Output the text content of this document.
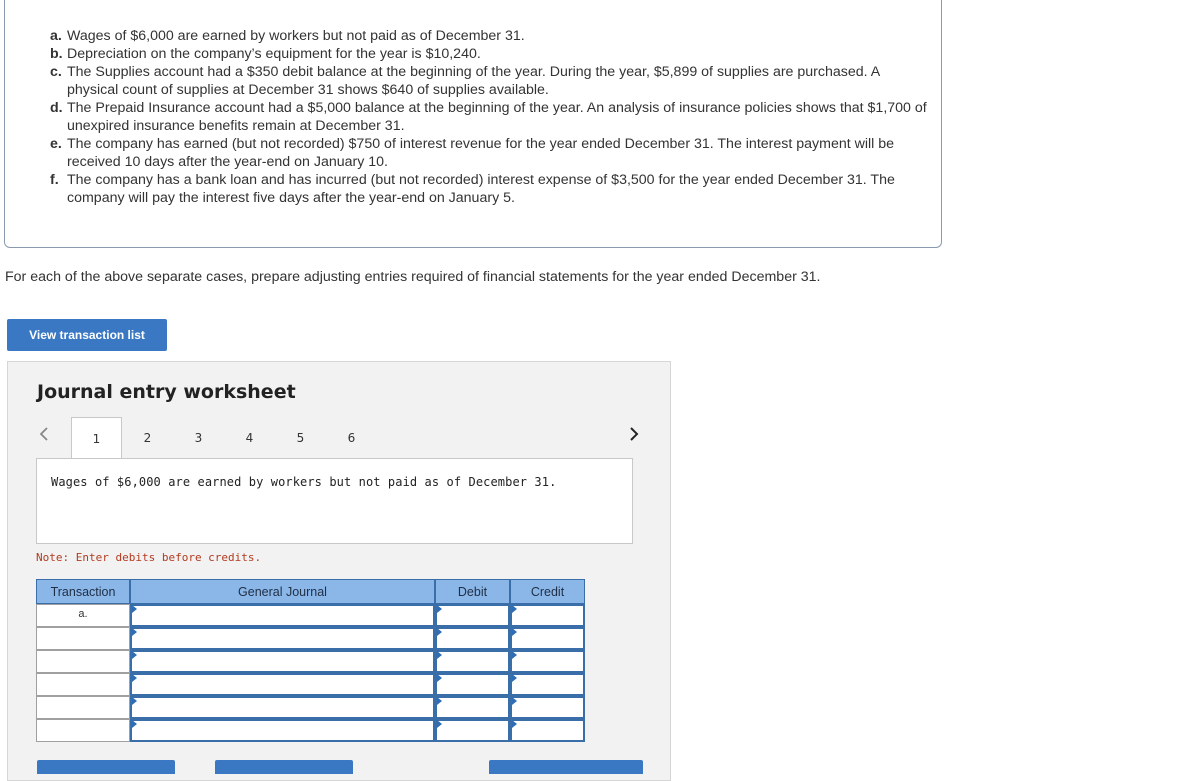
a. Wages of $6,000 are earned by workers but not paid as of December 31.
b. Depreciation on the company’s equipment for the year is $10,240.
c. The Supplies account had a $350 debit balance at the beginning of the year. During the year, $5,899 of supplies are purchased. A physical count of supplies at December 31 shows $640 of supplies available.
d. The Prepaid Insurance account had a $5,000 balance at the beginning of the year. An analysis of insurance policies shows that $1,700 of unexpired insurance benefits remain at December 31.
e. The company has earned (but not recorded) $750 of interest revenue for the year ended December 31. The interest payment will be received 10 days after the year-end on January 10.
f. The company has a bank loan and has incurred (but not recorded) interest expense of $3,500 for the year ended December 31. The company will pay the interest five days after the year-end on January 5.
For each of the above separate cases, prepare adjusting entries required of financial statements for the year ended December 31.
View transaction list
Journal entry worksheet
1	2	3	4	5	6
Wages of $6,000 are earned by workers but not paid as of December 31.
Note: Enter debits before credits.
Transaction	General Journal	Debit	Credit
a.
